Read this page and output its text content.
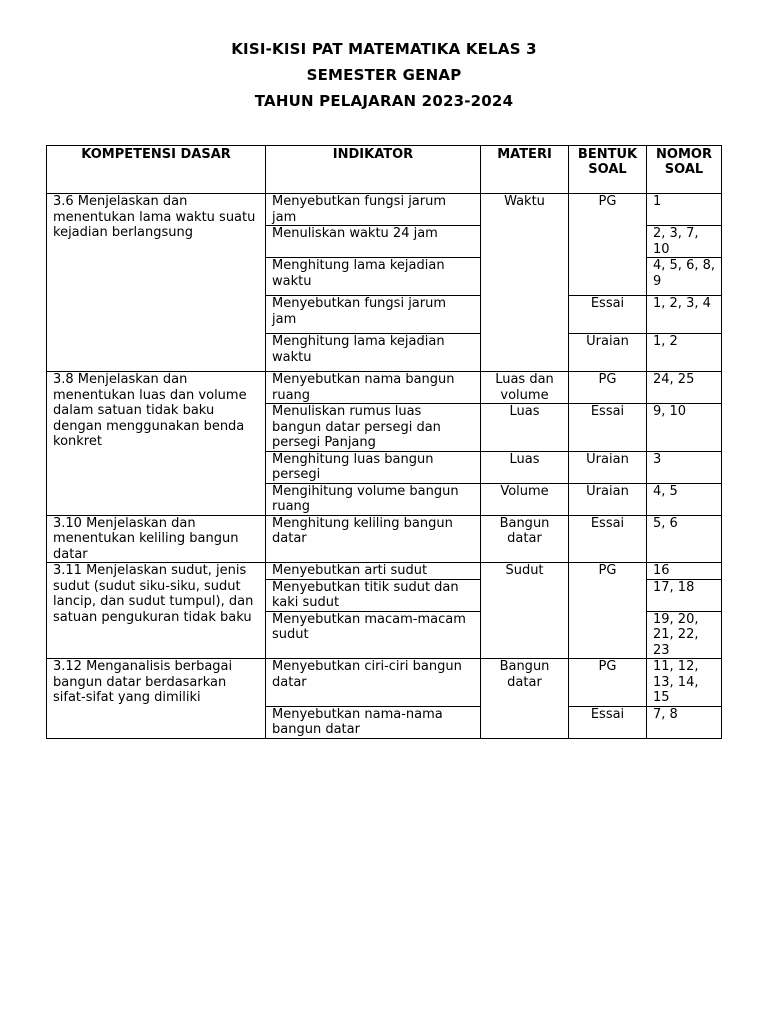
KISI-KISI PAT MATEMATIKA KELAS 3
SEMESTER GENAP
TAHUN PELAJARAN 2023-2024
KOMPETENSI DASAR	INDIKATOR	MATERI	BENTUK SOAL	NOMOR SOAL
3.6 Menjelaskan dan menentukan lama waktu suatu kejadian berlangsung	Menyebutkan fungsi jarum jam	Waktu	PG	1
	Menuliskan waktu 24 jam			2, 3, 7, 10
	Menghitung lama kejadian waktu			4, 5, 6, 8, 9
	Menyebutkan fungsi jarum jam		Essai	1, 2, 3, 4
	Menghitung lama kejadian waktu		Uraian	1, 2
3.8 Menjelaskan dan menentukan luas dan volume dalam satuan tidak baku dengan menggunakan benda konkret	Menyebutkan nama bangun ruang	Luas dan volume	PG	24, 25
	Menuliskan rumus luas bangun datar persegi dan persegi Panjang	Luas	Essai	9, 10
	Menghitung luas bangun persegi	Luas	Uraian	3
	Mengihitung volume bangun ruang	Volume	Uraian	4, 5
3.10 Menjelaskan dan menentukan keliling bangun datar	Menghitung keliling bangun datar	Bangun datar	Essai	5, 6
3.11 Menjelaskan sudut, jenis sudut (sudut siku-siku, sudut lancip, dan sudut tumpul), dan satuan pengukuran tidak baku	Menyebutkan arti sudut	Sudut	PG	16
	Menyebutkan titik sudut dan kaki sudut			17, 18
	Menyebutkan macam-macam sudut			19, 20, 21, 22, 23
3.12 Menganalisis berbagai bangun datar berdasarkan sifat-sifat yang dimiliki	Menyebutkan ciri-ciri bangun datar	Bangun datar	PG	11, 12, 13, 14, 15
	Menyebutkan nama-nama bangun datar		Essai	7, 8
